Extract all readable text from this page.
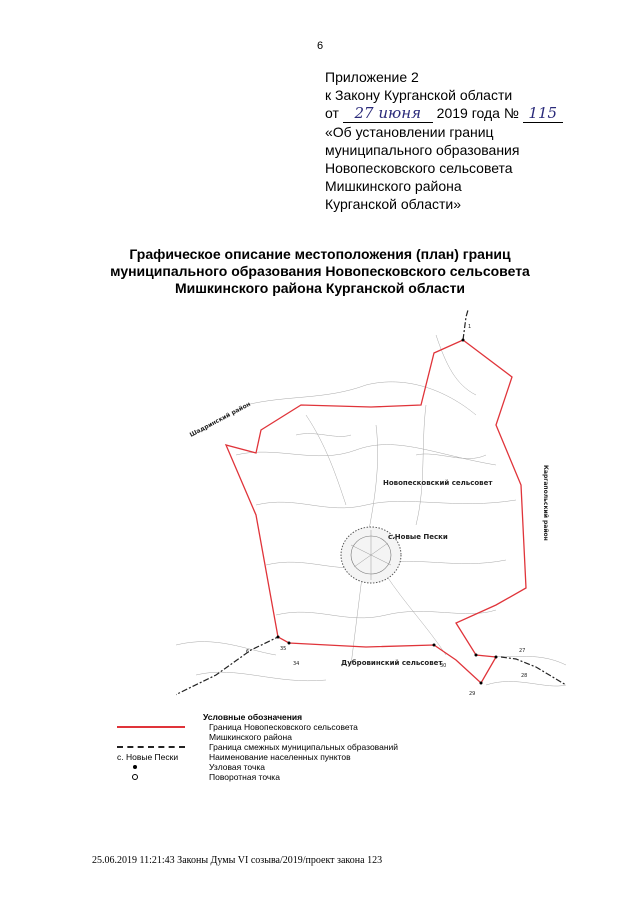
6
Приложение 2
к Закону Курганской области
от 27 июня 2019 года № 115
«Об установлении границ
муниципального образования
Новопесковского сельсовета
Мишкинского района
Курганской области»
Графическое описание местоположения (план) границ
муниципального образования Новопесковского сельсовета
Мишкинского района Курганской области
1
27
28
29
30
34
35
6
Шадринский район
Каргапольский район
Новопесковский сельсовет
с.Новые Пески
Дубровинский сельсовет
Условные обозначения
Граница Новопесковского сельсовета
Мишкинского района
Граница смежных муниципальных образований
с. Новые Пески	Наименование населенных пунктов
Узловая точка
Поворотная точка
25.06.2019 11:21:43 Законы Думы VI созыва/2019/проект закона 123
